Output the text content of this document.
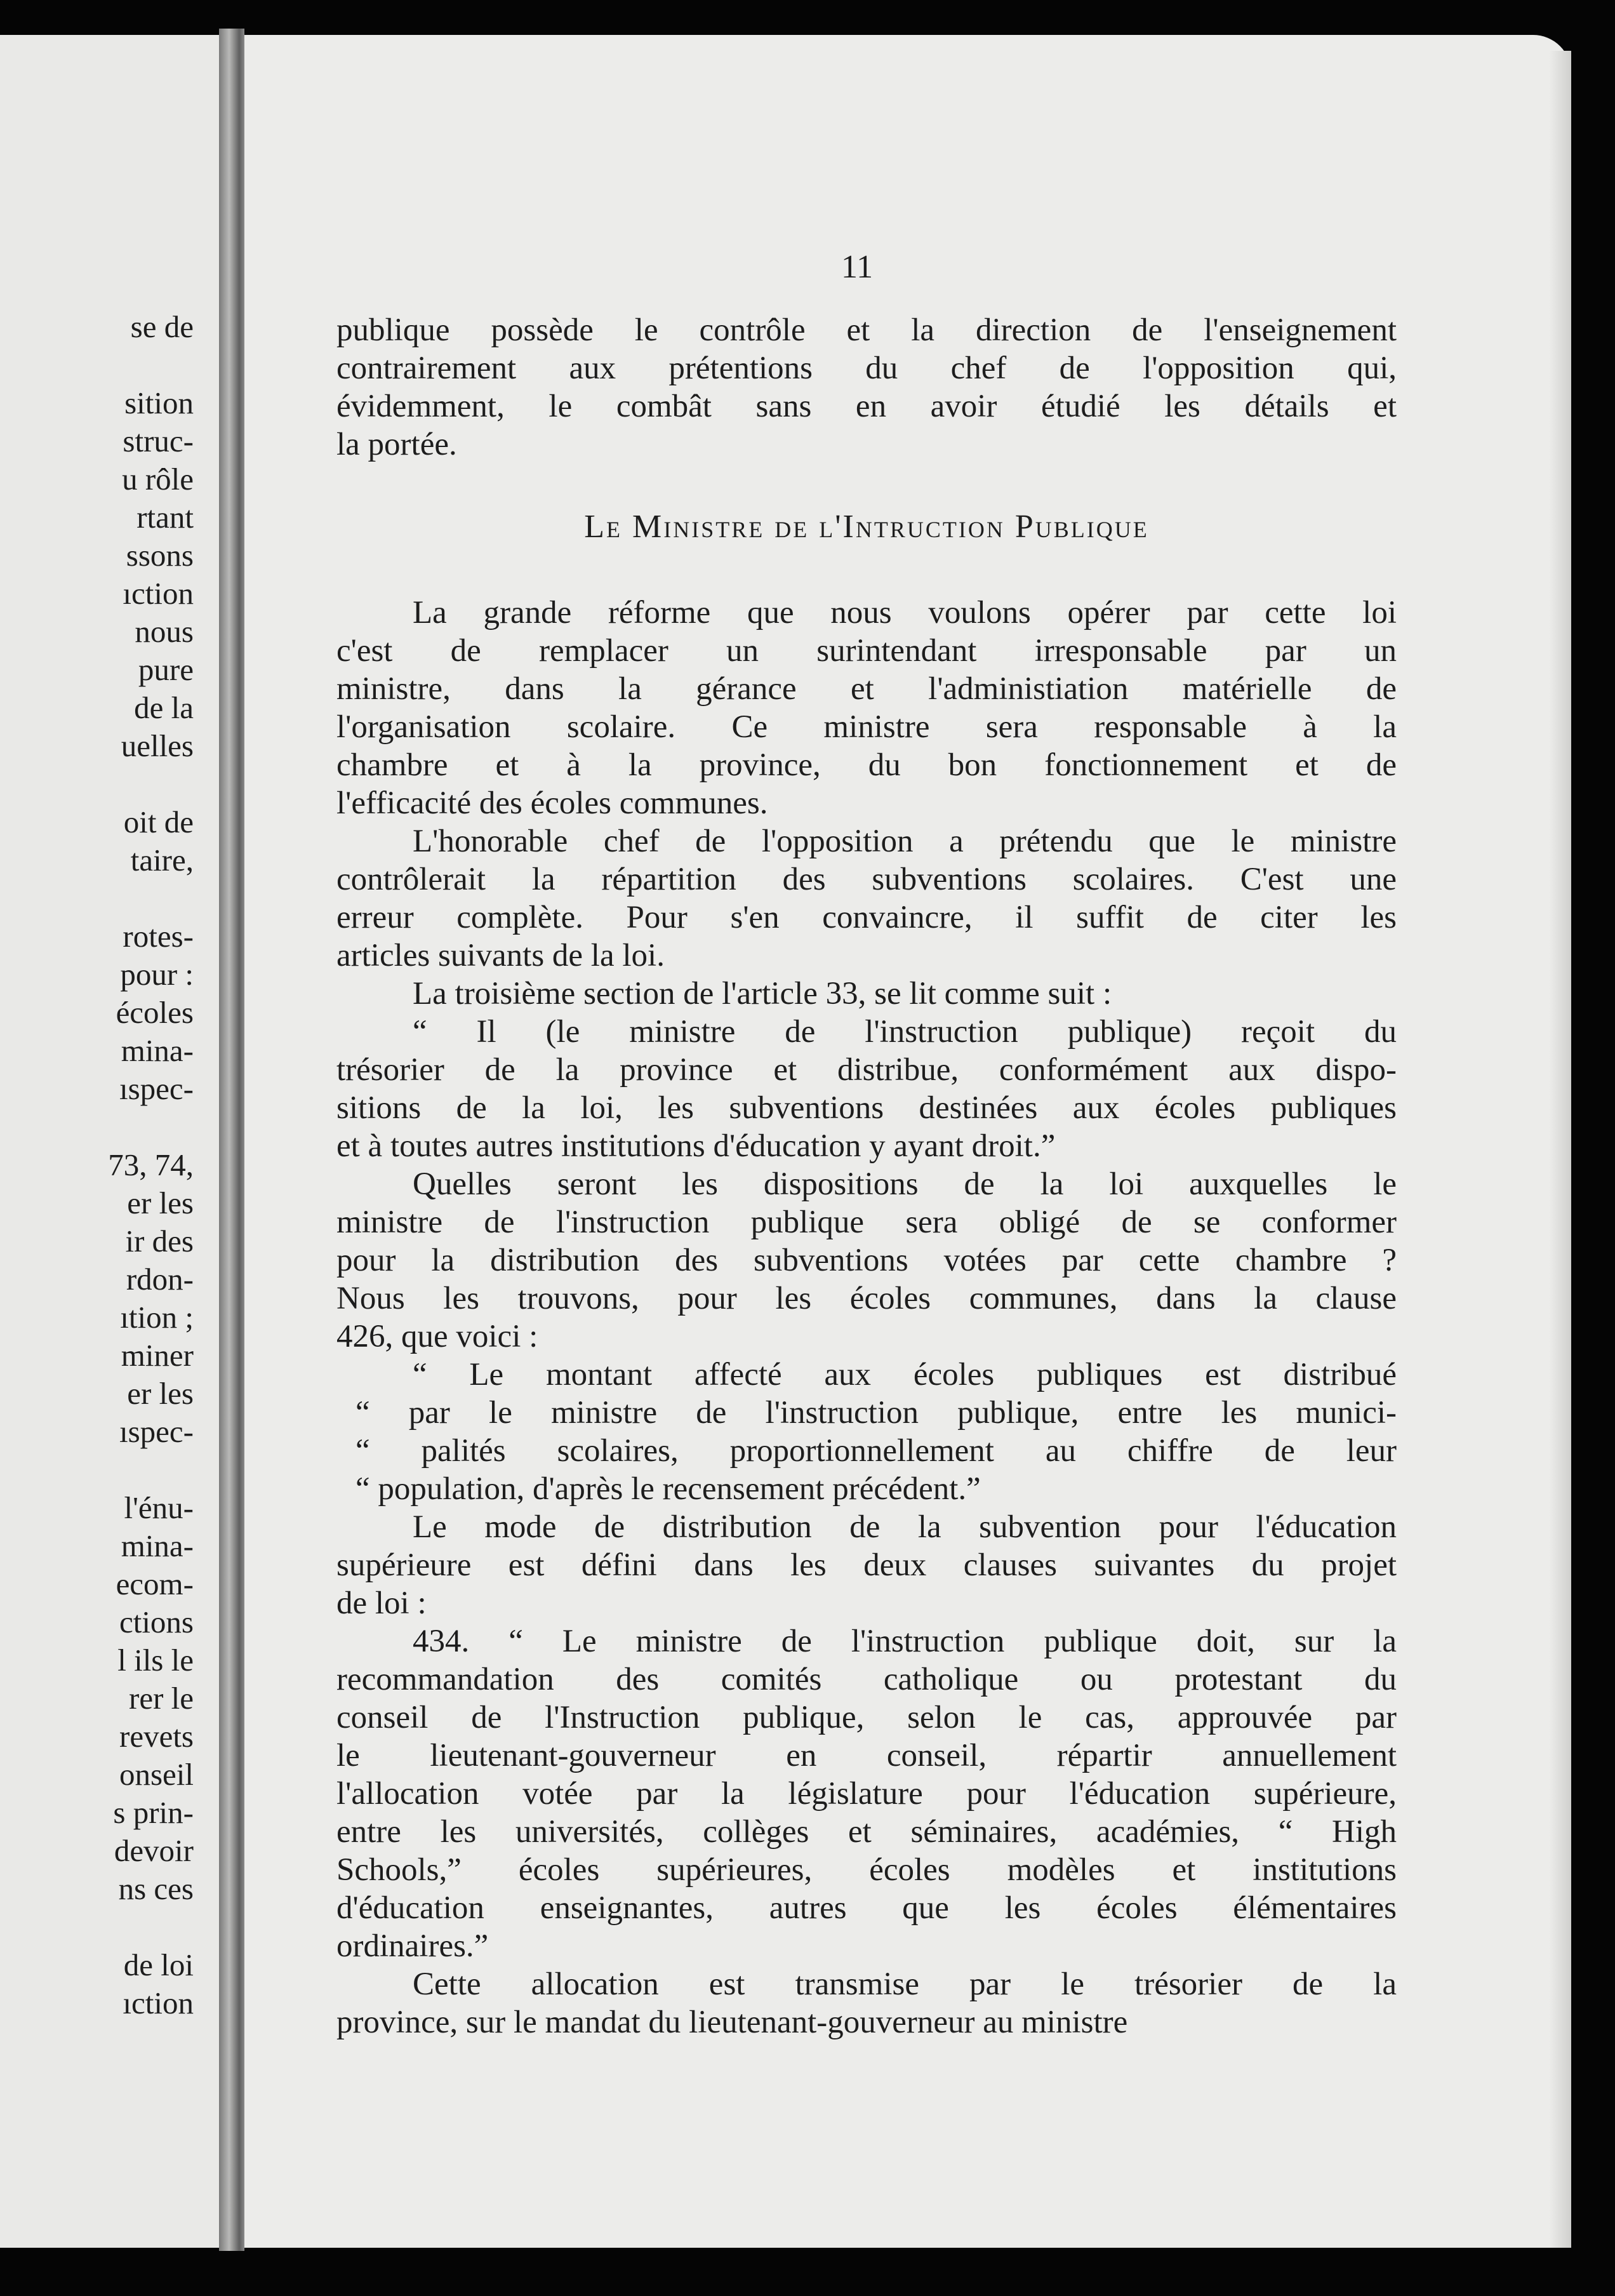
se de
sition
struc-
u rôle
rtant
ssons
ıction
nous
pure
de la
uelles
oit de
taire,
rotes-
pour :
écoles
mina-
ıspec-
73, 74,
er les
ir des
rdon-
ıtion ;
miner
er les
ıspec-
l'énu-
mina-
ecom-
ctions
l ils le
rer le
revets
onseil
s prin-
devoir
ns ces
de loi
ıction
11
publique possède le contrôle et la direction de l'enseignement
contrairement aux prétentions du chef de l'opposition qui,
évidemment, le combât sans en avoir étudié les détails et
la portée.
Le Ministre de l'Intruction Publique
La grande réforme que nous voulons opérer par cette loi
c'est de remplacer un surintendant irresponsable par un
ministre, dans la gérance et l'administiation matérielle de
l'organisation scolaire. Ce ministre sera responsable à la
chambre et à la province, du bon fonctionnement et de
l'efficacité des écoles communes.
L'honorable chef de l'opposition a prétendu que le ministre
contrôlerait la répartition des subventions scolaires. C'est une
erreur complète. Pour s'en convaincre, il suffit de citer les
articles suivants de la loi.
La troisième section de l'article 33, se lit comme suit :
“ Il (le ministre de l'instruction publique) reçoit du
trésorier de la province et distribue, conformément aux dispo-
sitions de la loi, les subventions destinées aux écoles publiques
et à toutes autres institutions d'éducation y ayant droit.”
Quelles seront les dispositions de la loi auxquelles le
ministre de l'instruction publique sera obligé de se conformer
pour la distribution des subventions votées par cette chambre ?
Nous les trouvons, pour les écoles communes, dans la clause
426, que voici :
“ Le montant affecté aux écoles publiques est distribué
“ par le ministre de l'instruction publique, entre les munici-
“ palités scolaires, proportionnellement au chiffre de leur
“ population, d'après le recensement précédent.”
Le mode de distribution de la subvention pour l'éducation
supérieure est défini dans les deux clauses suivantes du projet
de loi :
434. “ Le ministre de l'instruction publique doit, sur la
recommandation des comités catholique ou protestant du
conseil de l'Instruction publique, selon le cas, approuvée par
le lieutenant-gouverneur en conseil, répartir annuellement
l'allocation votée par la législature pour l'éducation supérieure,
entre les universités, collèges et séminaires, académies, “ High
Schools,” écoles supérieures, écoles modèles et institutions
d'éducation enseignantes, autres que les écoles élémentaires
ordinaires.”
Cette allocation est transmise par le trésorier de la
province, sur le mandat du lieutenant-gouverneur au ministre
